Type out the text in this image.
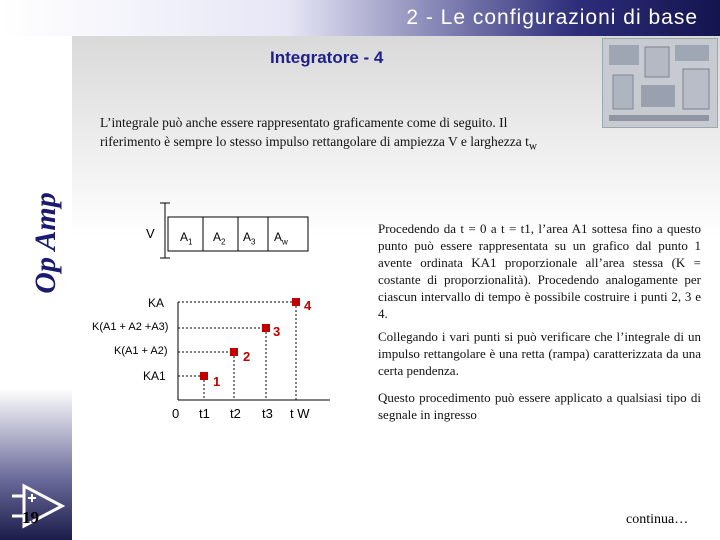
2 - Le configurazioni di base
Op Amp
19
Integratore - 4
L’integrale può anche essere rappresentato graficamente come di seguito. Il
riferimento è sempre lo stesso impulso rettangolare di ampiezza V e larghezza $t_w$
V $A_1$ $A_2$ $A_3$ $A_w$
KA
K(A1 + A2 +A3)
K(A1 + A2)
KA1
4
3
2
1
0 t1 t2 t3 t W
Procedendo da t = 0 a t = t1, l’area A1 sottesa fino a questo punto può essere rappresentata su un grafico dal punto 1 avente ordinata KA1 proporzionale all’area stessa (K = costante di proporzionalità). Procedendo analogamente per ciascun intervallo di tempo è possibile costruire i punti 2, 3 e 4.
Collegando i vari punti si può verificare che l’integrale di un impulso rettangolare è una retta (rampa) caratterizzata da una certa pendenza.
Questo procedimento può essere applicato a qualsiasi tipo di segnale in ingresso
continua…
